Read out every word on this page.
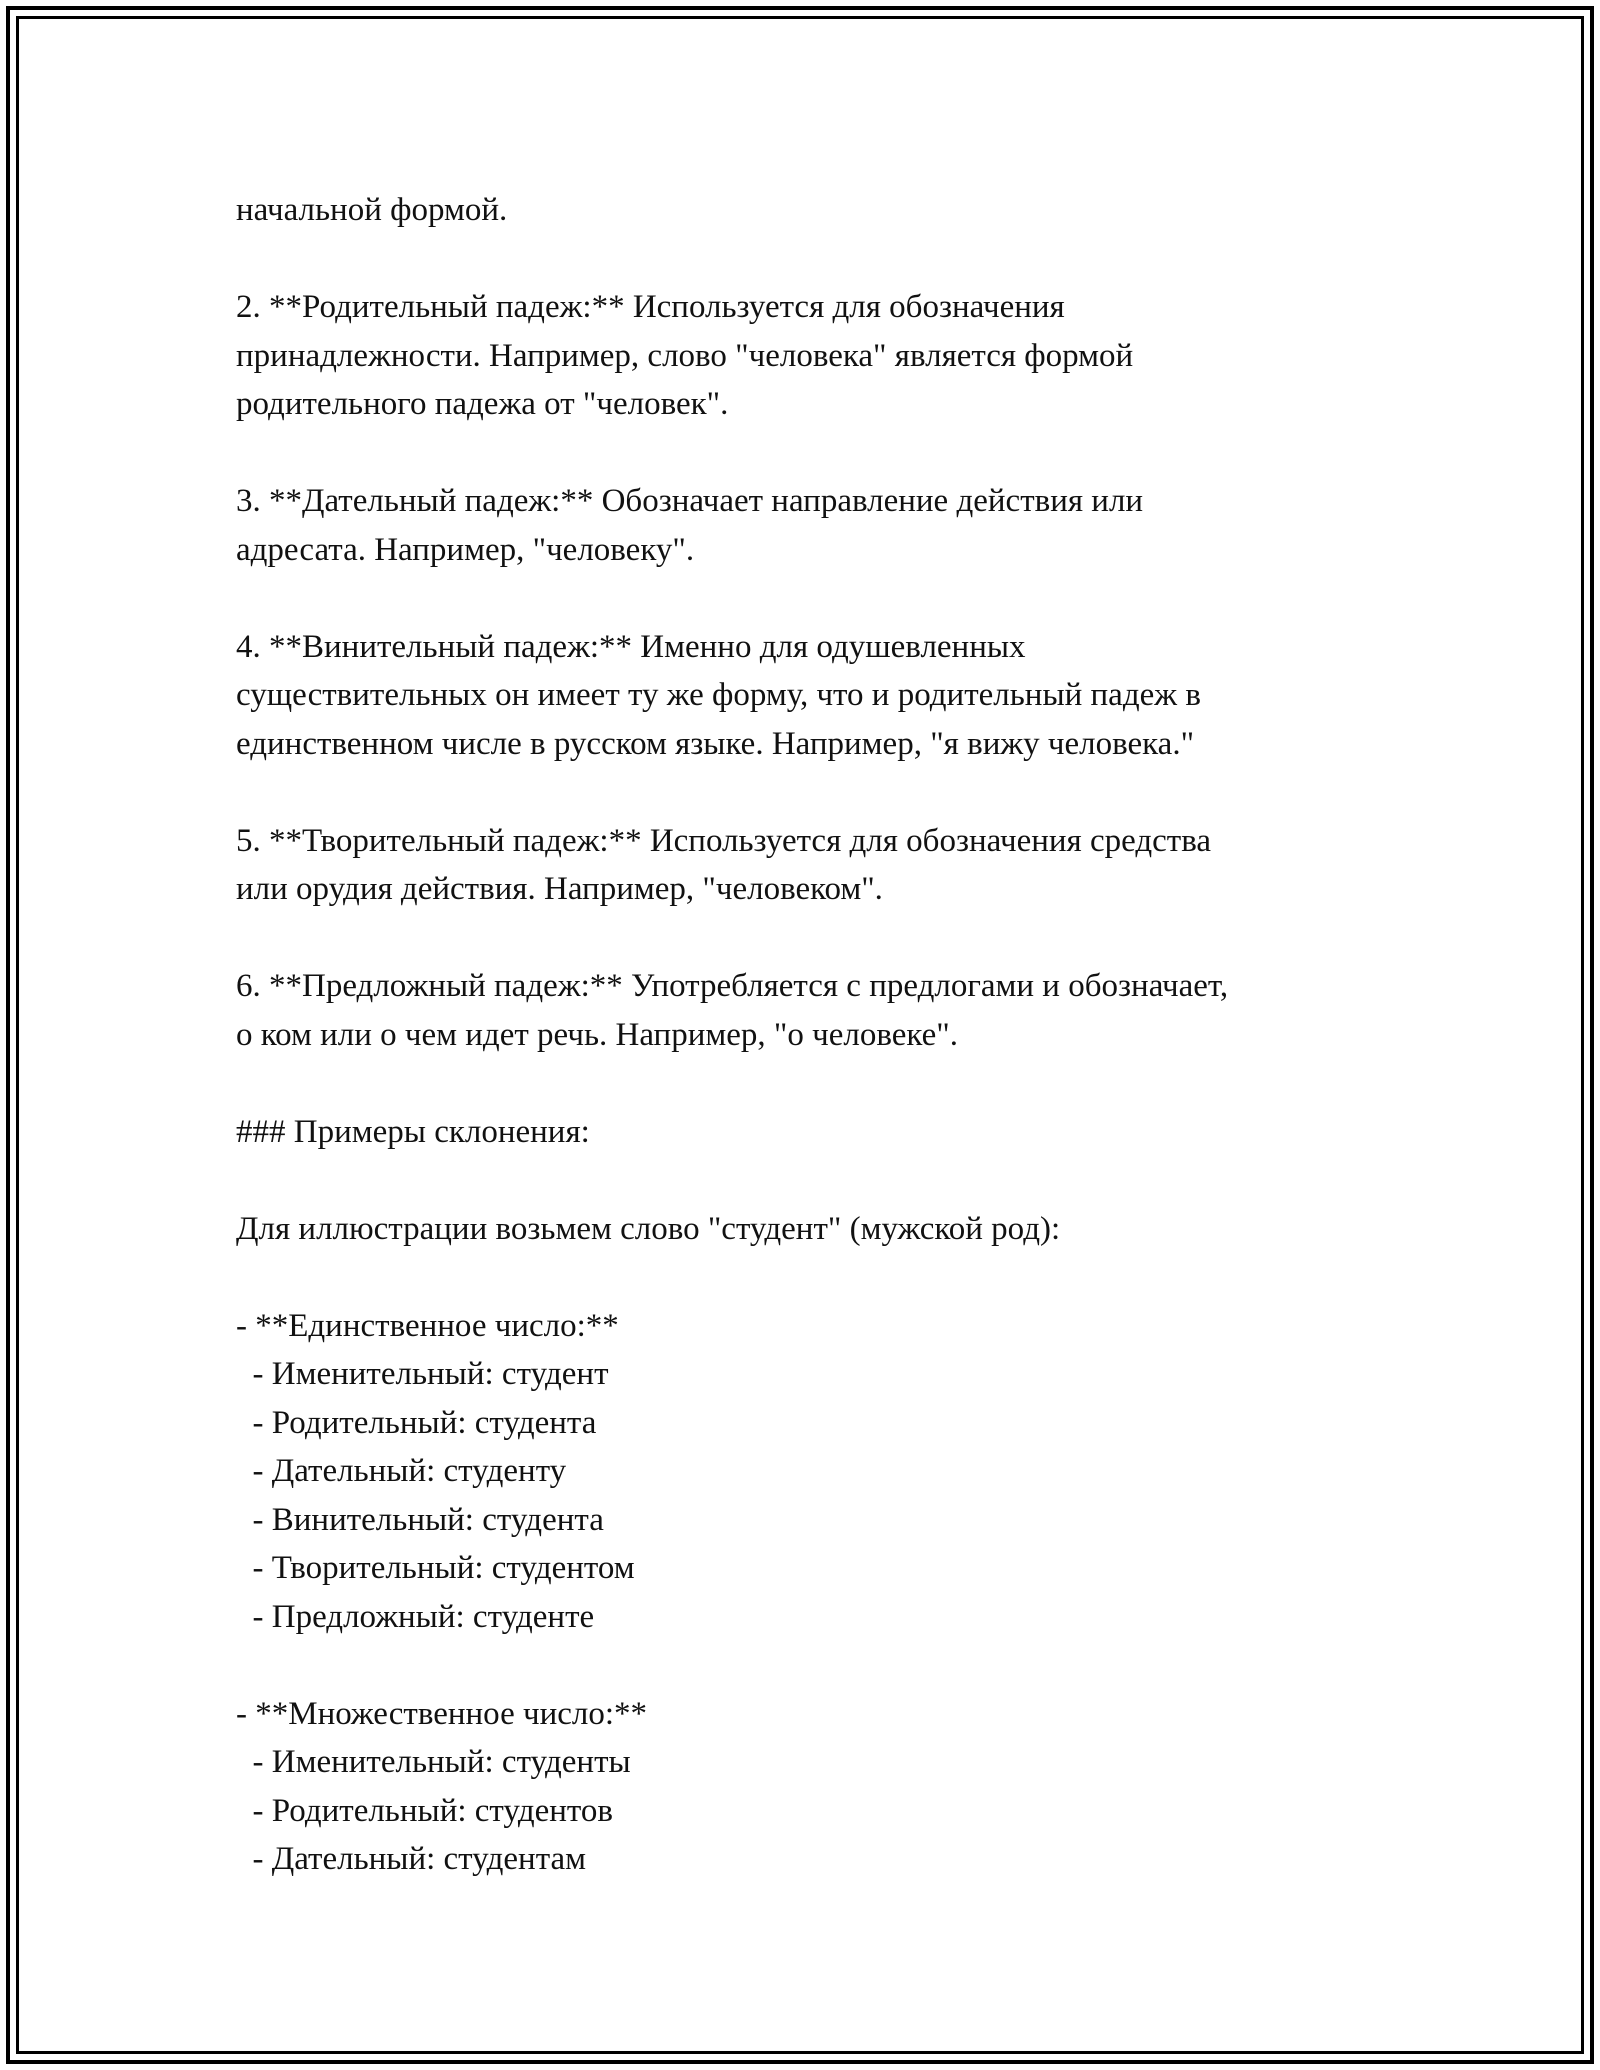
начальной формой.
2. **Родительный падеж:** Используется для обозначения
принадлежности. Например, слово "человека" является формой
родительного падежа от "человек".
3. **Дательный падеж:** Обозначает направление действия или
адресата. Например, "человеку".
4. **Винительный падеж:** Именно для одушевленных
существительных он имеет ту же форму, что и родительный падеж в
единственном числе в русском языке. Например, "я вижу человека."
5. **Творительный падеж:** Используется для обозначения средства
или орудия действия. Например, "человеком".
6. **Предложный падеж:** Употребляется с предлогами и обозначает,
о ком или о чем идет речь. Например, "о человеке".
### Примеры склонения:
Для иллюстрации возьмем слово "студент" (мужской род):
- **Единственное число:**
- Именительный: студент
- Родительный: студента
- Дательный: студенту
- Винительный: студента
- Творительный: студентом
- Предложный: студенте
- **Множественное число:**
- Именительный: студенты
- Родительный: студентов
- Дательный: студентам
